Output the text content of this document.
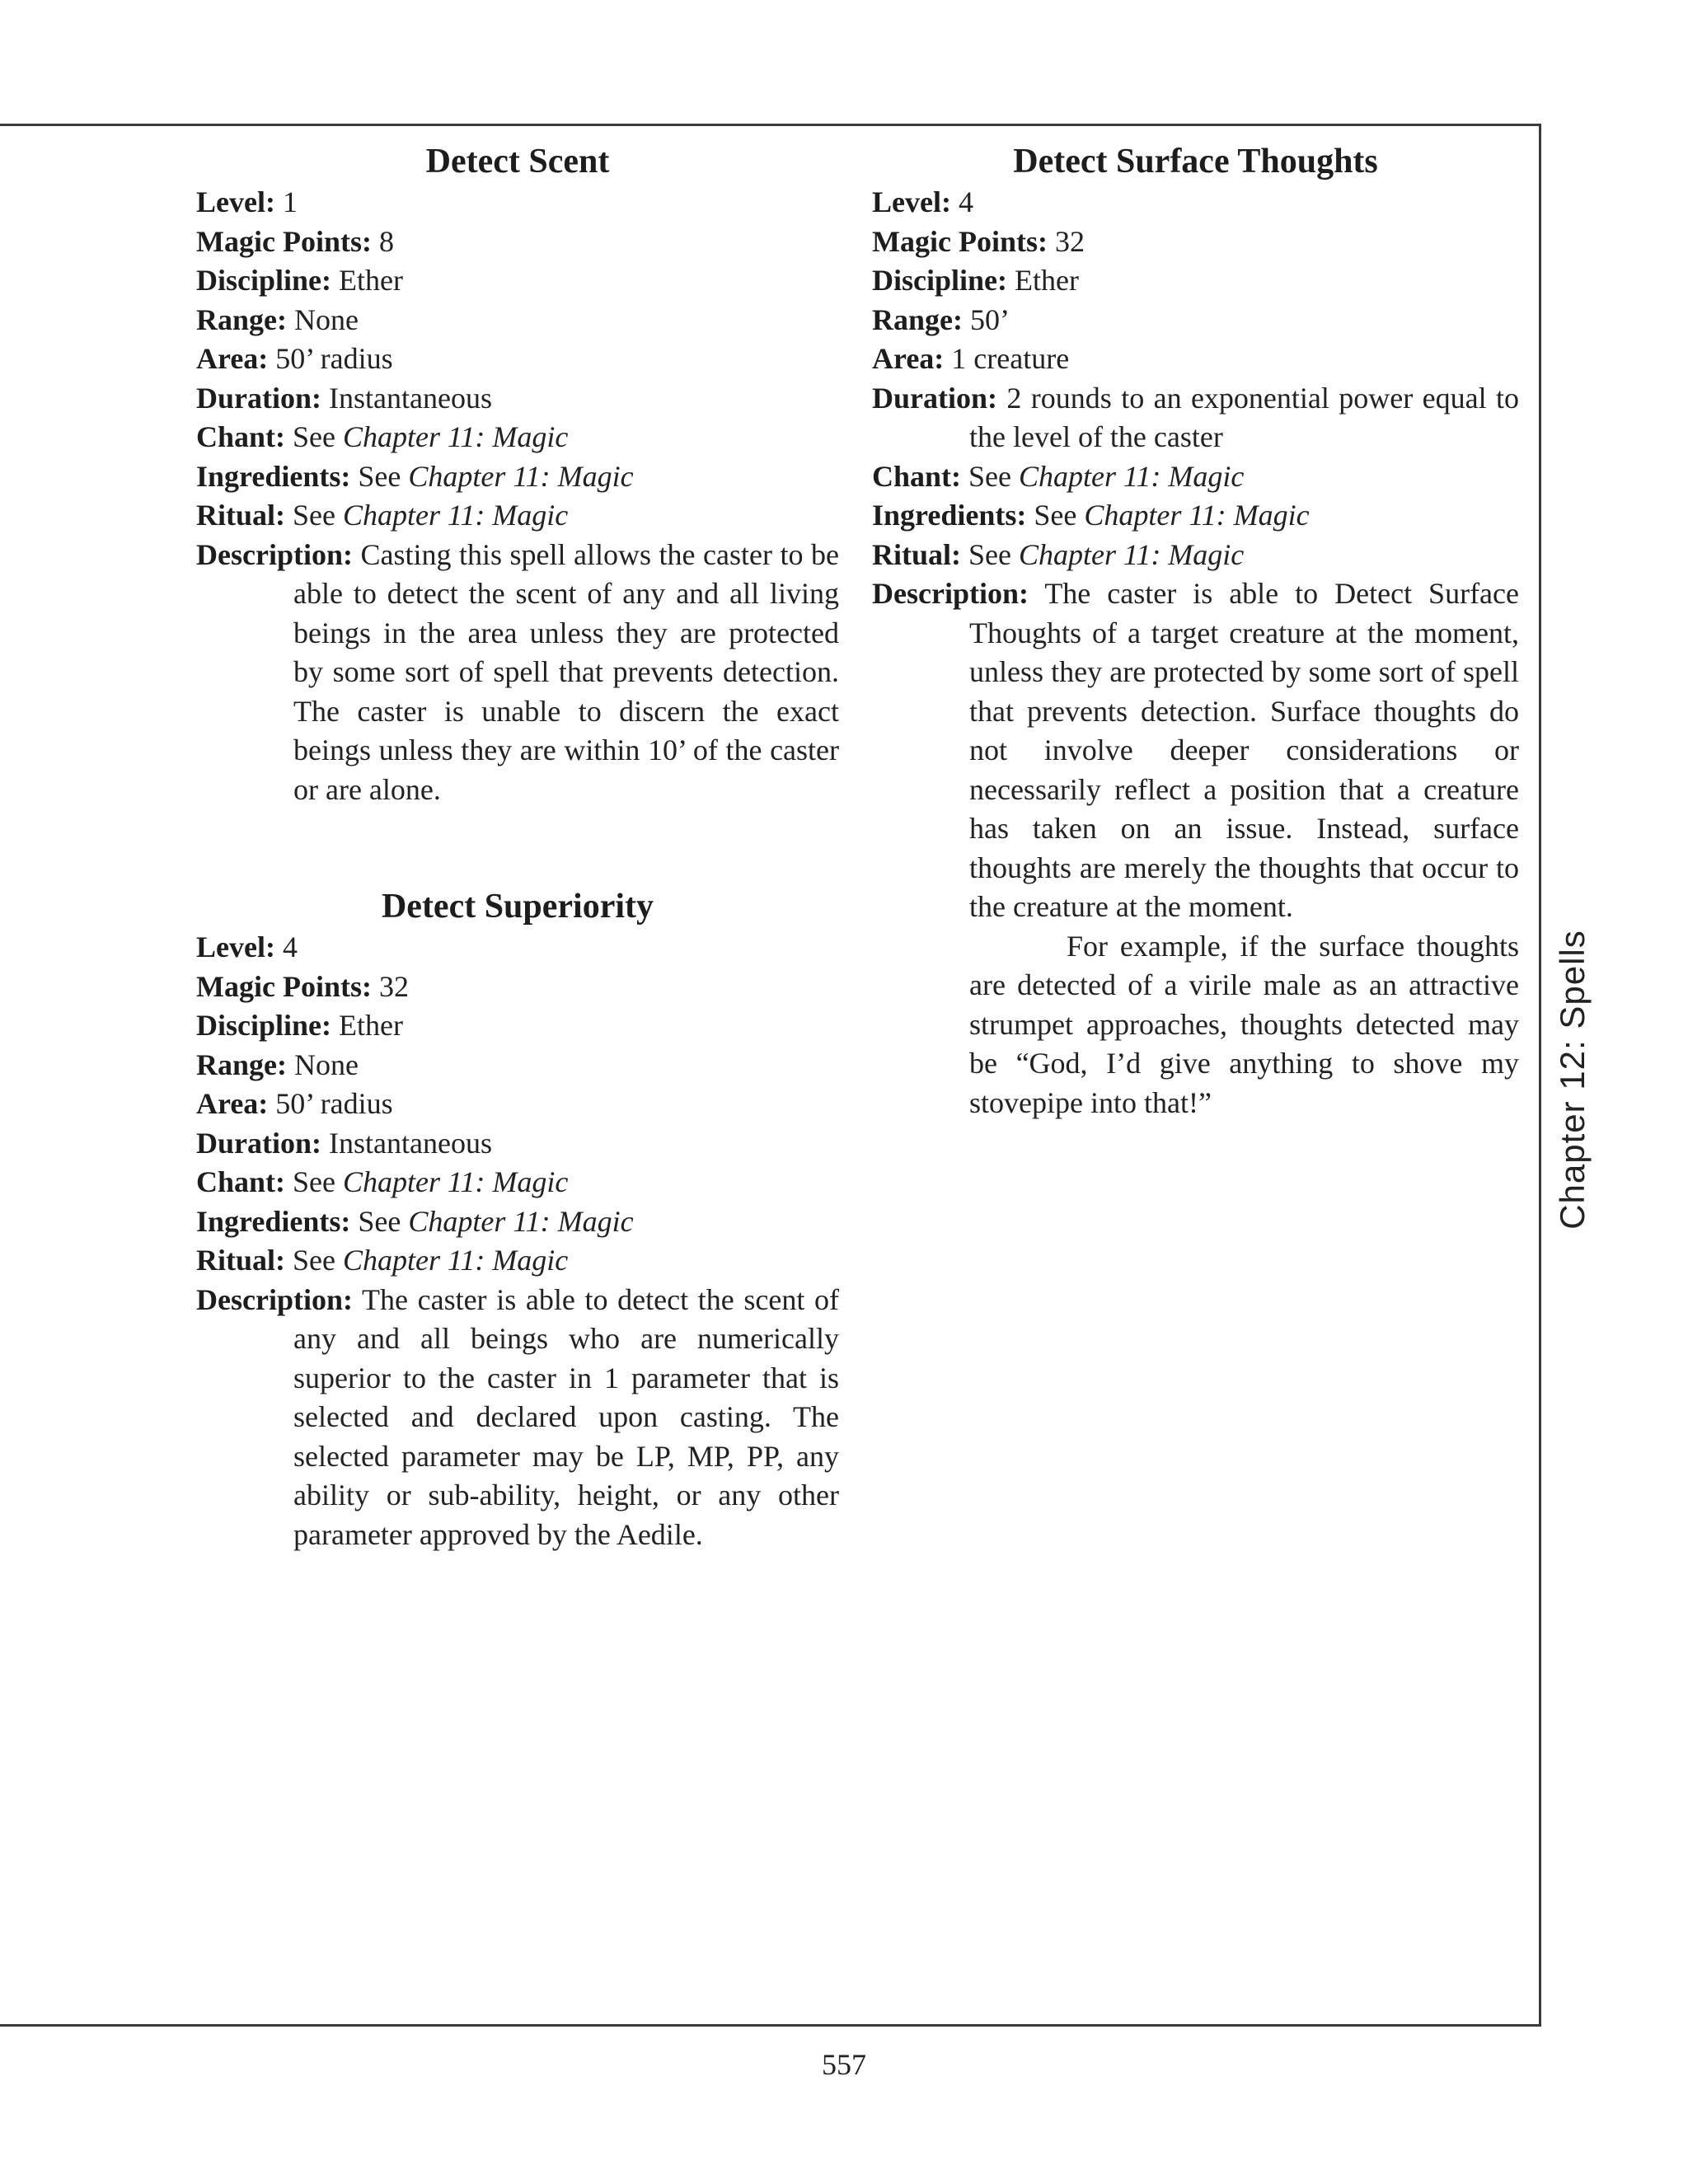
Detect Scent

Level: 1

Magic Points: 8

Discipline: Ether

Range: None

Area: 50’ radius

Duration: Instantaneous

Chant: See Chapter 11: Magic

Ingredients: See Chapter 11: Magic

Ritual: See Chapter 11: Magic

Description: Casting this spell allows the caster to be able to detect the scent of any and all living beings in the area unless they are protected by some sort of spell that prevents detection. The caster is unable to discern the exact beings unless they are within 10’ of the caster or are alone.

Detect Superiority

Level: 4

Magic Points: 32

Discipline: Ether

Range: None

Area: 50’ radius

Duration: Instantaneous

Chant: See Chapter 11: Magic

Ingredients: See Chapter 11: Magic

Ritual: See Chapter 11: Magic

Description: The caster is able to detect the scent of any and all beings who are numerically superior to the caster in 1 parameter that is selected and declared upon casting. The selected parameter may be LP, MP, PP, any ability or sub-ability, height, or any other parameter approved by the Aedile.

Detect Surface Thoughts

Level: 4

Magic Points: 32

Discipline: Ether

Range: 50’

Area: 1 creature

Duration: 2 rounds to an exponential power equal to the level of the caster

Chant: See Chapter 11: Magic

Ingredients: See Chapter 11: Magic

Ritual: See Chapter 11: Magic

Description: The caster is able to Detect Surface Thoughts of a target creature at the moment, unless they are protected by some sort of spell that prevents detection. Surface thoughts do not involve deeper considerations or necessarily reflect a position that a creature has taken on an issue. Instead, surface thoughts are merely the thoughts that occur to the creature at the moment.

For example, if the surface thoughts are detected of a virile male as an attractive strumpet approaches, thoughts detected may be “God, I’d give anything to shove my stovepipe into that!”	Chapter 12: Spells
557
